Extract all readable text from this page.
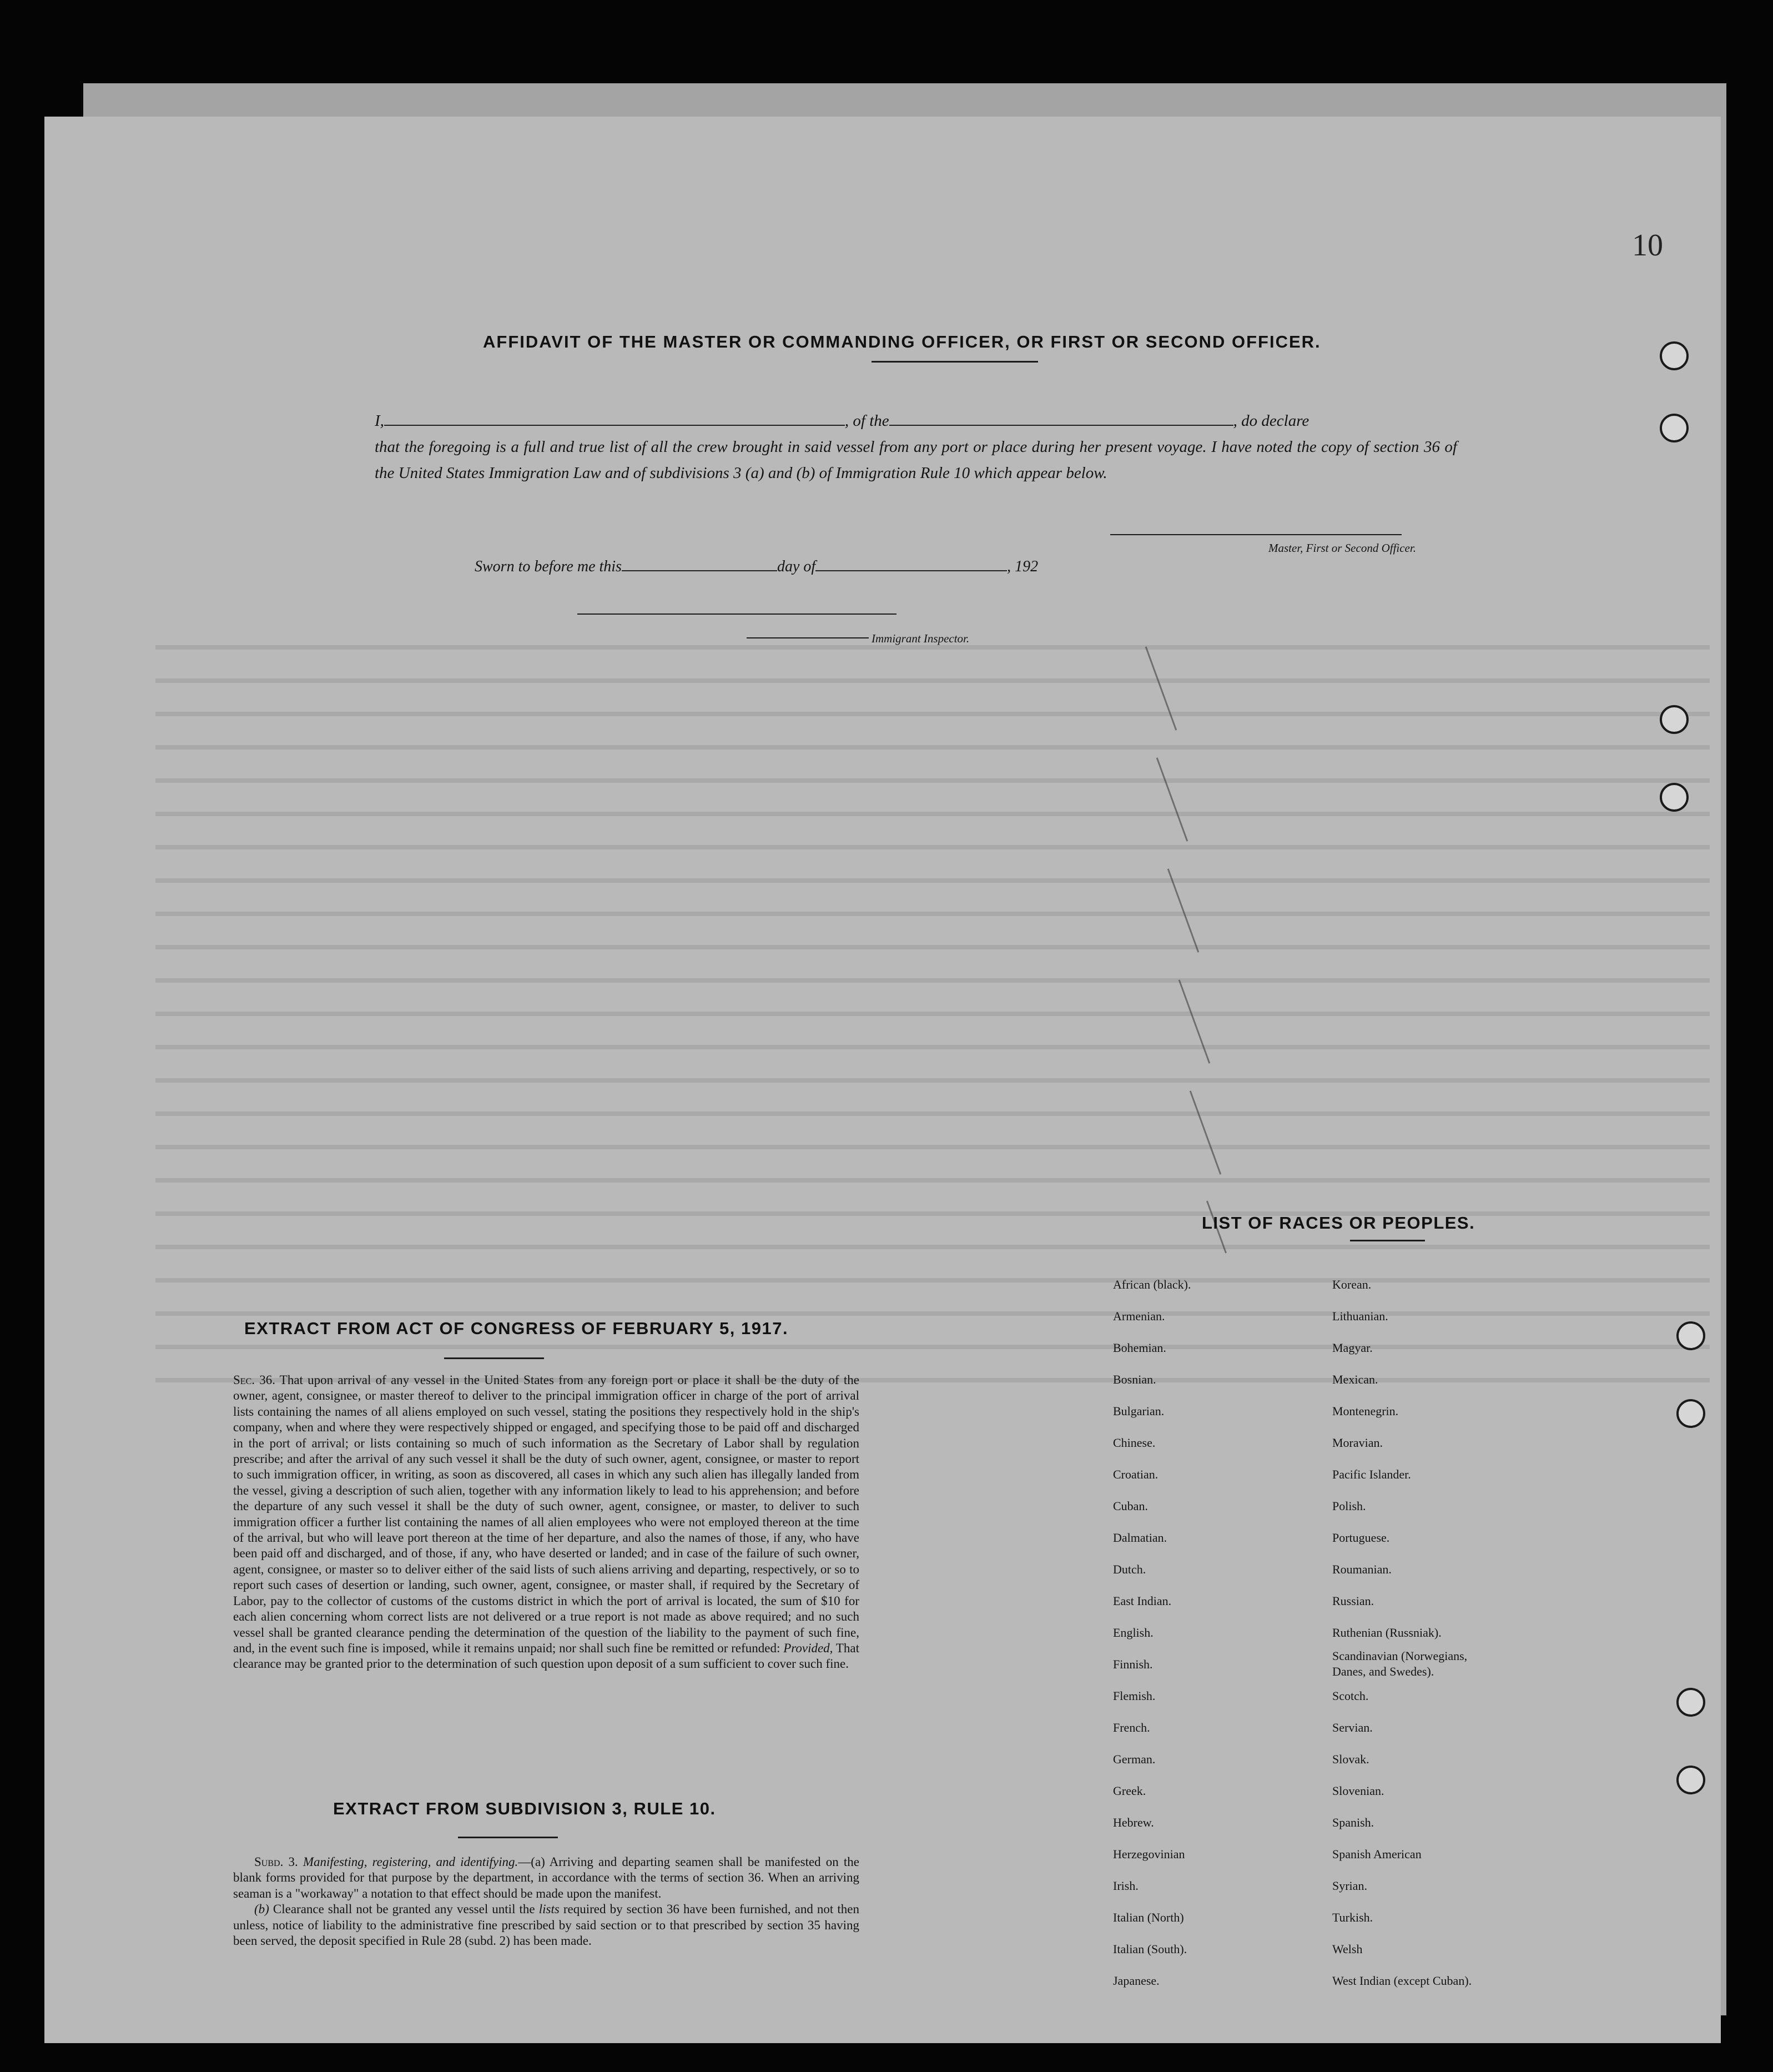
10
AFFIDAVIT OF THE MASTER OR COMMANDING OFFICER, OR FIRST OR SECOND OFFICER.
I,	, of the	, do declare
that the foregoing is a full and true list of all the crew brought in said vessel from any port or place during her present voyage. I have noted the copy of section 36 of the United States Immigration Law and of subdivisions 3 (a) and (b) of Immigration Rule 10 which appear below.
Master, First or Second Officer.
Sworn to before me this	day of	, 192
Immigrant Inspector.
EXTRACT FROM ACT OF CONGRESS OF FEBRUARY 5, 1917.
Sec. 36. That upon arrival of any vessel in the United States from any foreign port or place it shall be the duty of the owner, agent, consignee, or master thereof to deliver to the principal immigration officer in charge of the port of arrival lists containing the names of all aliens employed on such vessel, stating the positions they respectively hold in the ship's company, when and where they were respectively shipped or engaged, and specifying those to be paid off and discharged in the port of arrival; or lists containing so much of such information as the Secretary of Labor shall by regulation prescribe; and after the arrival of any such vessel it shall be the duty of such owner, agent, consignee, or master to report to such immigration officer, in writing, as soon as discovered, all cases in which any such alien has illegally landed from the vessel, giving a description of such alien, together with any information likely to lead to his apprehension; and before the departure of any such vessel it shall be the duty of such owner, agent, consignee, or master, to deliver to such immigration officer a further list containing the names of all alien employees who were not employed thereon at the time of the arrival, but who will leave port thereon at the time of her departure, and also the names of those, if any, who have been paid off and discharged, and of those, if any, who have deserted or landed; and in case of the failure of such owner, agent, consignee, or master so to deliver either of the said lists of such aliens arriving and departing, respectively, or so to report such cases of desertion or landing, such owner, agent, consignee, or master shall, if required by the Secretary of Labor, pay to the collector of customs of the customs district in which the port of arrival is located, the sum of $10 for each alien concerning whom correct lists are not delivered or a true report is not made as above required; and no such vessel shall be granted clearance pending the determination of the question of the liability to the payment of such fine, and, in the event such fine is imposed, while it remains unpaid; nor shall such fine be remitted or refunded: Provided, That clearance may be granted prior to the determination of such question upon deposit of a sum sufficient to cover such fine.
EXTRACT FROM SUBDIVISION 3, RULE 10.
Subd. 3. Manifesting, registering, and identifying.—(a) Arriving and departing seamen shall be manifested on the blank forms provided for that purpose by the department, in accordance with the terms of section 36. When an arriving seaman is a "workaway" a notation to that effect should be made upon the manifest.
(b) Clearance shall not be granted any vessel until the lists required by section 36 have been furnished, and not then unless, notice of liability to the administrative fine prescribed by said section or to that prescribed by section 35 having been served, the deposit specified in Rule 28 (subd. 2) has been made.
LIST OF RACES OR PEOPLES.
African (black).
Armenian.
Bohemian.
Bosnian.
Bulgarian.
Chinese.
Croatian.
Cuban.
Dalmatian.
Dutch.
East Indian.
English.
Finnish.
Flemish.
French.
German.
Greek.
Hebrew.
Herzegovinian
Irish.
Italian (North)
Italian (South).
Japanese.
Korean.
Lithuanian.
Magyar.
Mexican.
Montenegrin.
Moravian.
Pacific Islander.
Polish.
Portuguese.
Roumanian.
Russian.
Ruthenian (Russniak).
Scandinavian (Norwegians, Danes, and Swedes).
Scotch.
Servian.
Slovak.
Slovenian.
Spanish.
Spanish American
Syrian.
Turkish.
Welsh
West Indian (except Cuban).
